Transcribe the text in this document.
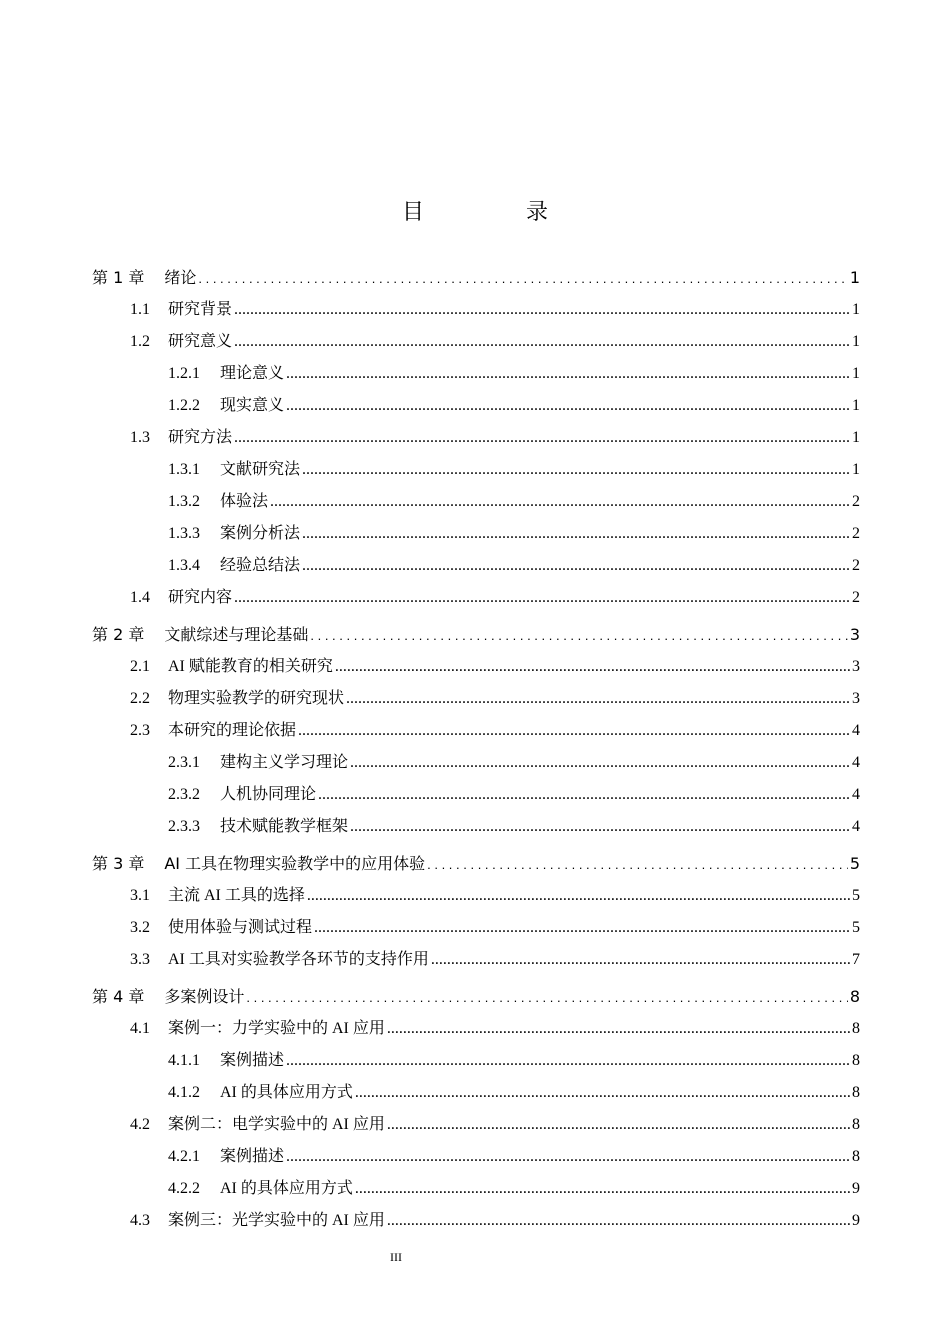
目　录
第 1 章 绪论 . . .	1
1.1 研究背景 .....	1
1.2 研究意义 .....	1
1.2.1 理论意义 .....	1
1.2.2 现实意义 .....	1
1.3 研究方法 .....	1
1.3.1 文献研究法 .....	1
1.3.2 体验法 .....	2
1.3.3 案例分析法 .....	2
1.3.4 经验总结法 .....	2
1.4 研究内容 .....	2
第 2 章 文献综述与理论基础 . . .	3
2.1 AI 赋能教育的相关研究 .....	3
2.2 物理实验教学的研究现状 .....	3
2.3 本研究的理论依据 .....	4
2.3.1 建构主义学习理论 .....	4
2.3.2 人机协同理论 .....	4
2.3.3 技术赋能教学框架 .....	4
第 3 章 AI 工具在物理实验教学中的应用体验 . . .	5
3.1 主流 AI 工具的选择 .....	5
3.2 使用体验与测试过程 .....	5
3.3 AI 工具对实验教学各环节的支持作用 .....	7
第 4 章 多案例设计 . . .	8
4.1 案例一：力学实验中的 AI 应用 .....	8
4.1.1 案例描述 .....	8
4.1.2 AI 的具体应用方式 .....	8
4.2 案例二：电学实验中的 AI 应用 .....	8
4.2.1 案例描述 .....	8
4.2.2 AI 的具体应用方式 .....	9
4.3 案例三：光学实验中的 AI 应用 .....	9
III
